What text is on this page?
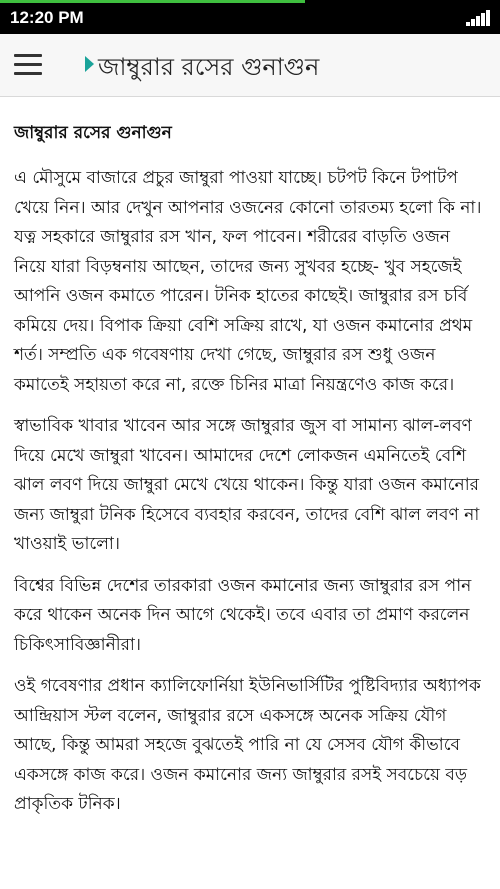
12:20 PM
জাম্বুরার রসের গুনাগুন
জাম্বুরার রসের গুনাগুন

এ মৌসুমে বাজারে প্রচুর জাম্বুরা পাওয়া যাচ্ছে। চটপট কিনে টপাটপ খেয়ে নিন। আর দেখুন আপনার ওজনের কোনো তারতম্য হলো কি না। যত্ন সহকারে জাম্বুরার রস খান, ফল পাবেন। শরীরের বাড়তি ওজন নিয়ে যারা বিড়ম্বনায় আছেন, তাদের জন্য সুখবর হচ্ছে- খুব সহজেই আপনি ওজন কমাতে পারেন। টনিক হাতের কাছেই। জাম্বুরার রস চর্বি কমিয়ে দেয়। বিপাক ক্রিয়া বেশি সক্রিয় রাখে, যা ওজন কমানোর প্রথম শর্ত। সম্প্রতি এক গবেষণায় দেখা গেছে, জাম্বুরার রস শুধু ওজন কমাতেই সহায়তা করে না, রক্তে চিনির মাত্রা নিয়ন্ত্রণেও কাজ করে।

স্বাভাবিক খাবার খাবেন আর সঙ্গে জাম্বুরার জুস বা সামান্য ঝাল-লবণ দিয়ে মেখে জাম্বুরা খাবেন। আমাদের দেশে লোকজন এমনিতেই বেশি ঝাল লবণ দিয়ে জাম্বুরা মেখে খেয়ে থাকেন। কিন্তু যারা ওজন কমানোর জন্য জাম্বুরা টনিক হিসেবে ব্যবহার করবেন, তাদের বেশি ঝাল লবণ না খাওয়াই ভালো।

বিশ্বের বিভিন্ন দেশের তারকারা ওজন কমানোর জন্য জাম্বুরার রস পান করে থাকেন অনেক দিন আগে থেকেই। তবে এবার তা প্রমাণ করলেন চিকিৎসাবিজ্ঞানীরা।

ওই গবেষণার প্রধান ক্যালিফোর্নিয়া ইউনিভার্সিটির পুষ্টিবিদ্যার অধ্যাপক আন্দ্রিয়াস স্টল বলেন, জাম্বুরার রসে একসঙ্গে অনেক সক্রিয় যৌগ আছে, কিন্তু আমরা সহজে বুঝতেই পারি না যে সেসব যৌগ কীভাবে একসঙ্গে কাজ করে। ওজন কমানোর জন্য জাম্বুরার রসই সবচেয়ে বড় প্রাকৃতিক টনিক।
